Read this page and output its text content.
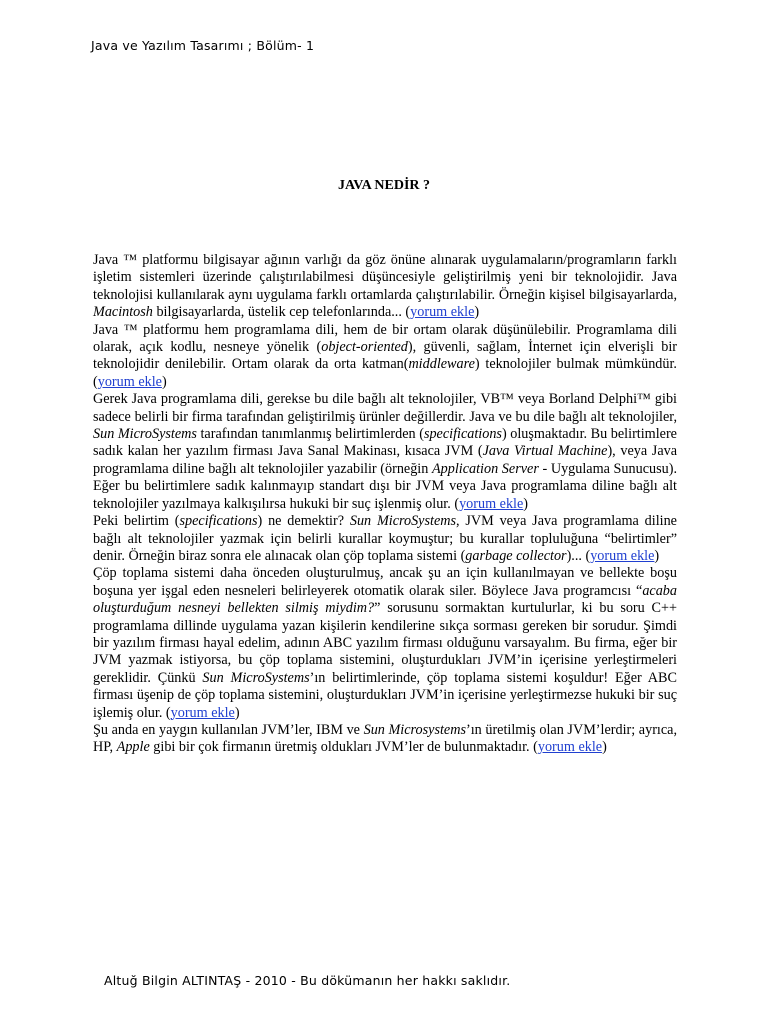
Java ve Yazılım Tasarımı ; Bölüm- 1
JAVA NEDİR ?

Java ™ platformu bilgisayar ağının varlığı da göz önüne alınarak uygulamaların/programların farklı işletim sistemleri üzerinde çalıştırılabilmesi düşüncesiyle geliştirilmiş yeni bir teknolojidir. Java teknolojisi kullanılarak aynı uygulama farklı ortamlarda çalıştırılabilir. Örneğin kişisel bilgisayarlarda, Macintosh bilgisayarlarda, üstelik cep telefonlarında... (yorum ekle)

Java ™ platformu hem programlama dili, hem de bir ortam olarak düşünülebilir. Programlama dili olarak, açık kodlu, nesneye yönelik (object-oriented), güvenli, sağlam, İnternet için elverişli bir teknolojidir denilebilir. Ortam olarak da orta katman(middleware) teknolojiler bulmak mümkündür. (yorum ekle)

Gerek Java programlama dili, gerekse bu dile bağlı alt teknolojiler, VB™ veya Borland Delphi™ gibi sadece belirli bir firma tarafından geliştirilmiş ürünler değillerdir. Java ve bu dile bağlı alt teknolojiler, Sun MicroSystems tarafından tanımlanmış belirtimlerden (specifications) oluşmaktadır. Bu belirtimlere sadık kalan her yazılım firması Java Sanal Makinası, kısaca JVM (Java Virtual Machine), veya Java programlama diline bağlı alt teknolojiler yazabilir (örneğin Application Server - Uygulama Sunucusu). Eğer bu belirtimlere sadık kalınmayıp standart dışı bir JVM veya Java programlama diline bağlı alt teknolojiler yazılmaya kalkışılırsa hukuki bir suç işlenmiş olur. (yorum ekle)

Peki belirtim (specifications) ne demektir? Sun MicroSystems, JVM veya Java programlama diline bağlı alt teknolojiler yazmak için belirli kurallar koymuştur; bu kurallar topluluğuna “belirtimler” denir. Örneğin biraz sonra ele alınacak olan çöp toplama sistemi (garbage collector)... (yorum ekle)

Çöp toplama sistemi daha önceden oluşturulmuş, ancak şu an için kullanılmayan ve bellekte boşu boşuna yer işgal eden nesneleri belirleyerek otomatik olarak siler. Böylece Java programcısı “acaba oluşturduğum nesneyi bellekten silmiş miydim?” sorusunu sormaktan kurtulurlar, ki bu soru C++ programlama dillinde uygulama yazan kişilerin kendilerine sıkça sorması gereken bir sorudur. Şimdi bir yazılım firması hayal edelim, adının ABC yazılım firması olduğunu varsayalım. Bu firma, eğer bir JVM yazmak istiyorsa, bu çöp toplama sistemini, oluşturdukları JVM’in içerisine yerleştirmeleri gereklidir. Çünkü Sun MicroSystems’ın belirtimlerinde, çöp toplama sistemi koşuldur! Eğer ABC firması üşenip de çöp toplama sistemini, oluşturdukları JVM’in içerisine yerleştirmezse hukuki bir suç işlemiş olur. (yorum ekle)

Şu anda en yaygın kullanılan JVM’ler, IBM ve Sun Microsystems’ın üretilmiş olan JVM’lerdir; ayrıca, HP, Apple gibi bir çok firmanın üretmiş oldukları JVM’ler de bulunmaktadır. (yorum ekle)

Altuğ Bilgin ALTINTAŞ - 2010 - Bu dökümanın her hakkı saklıdır.
